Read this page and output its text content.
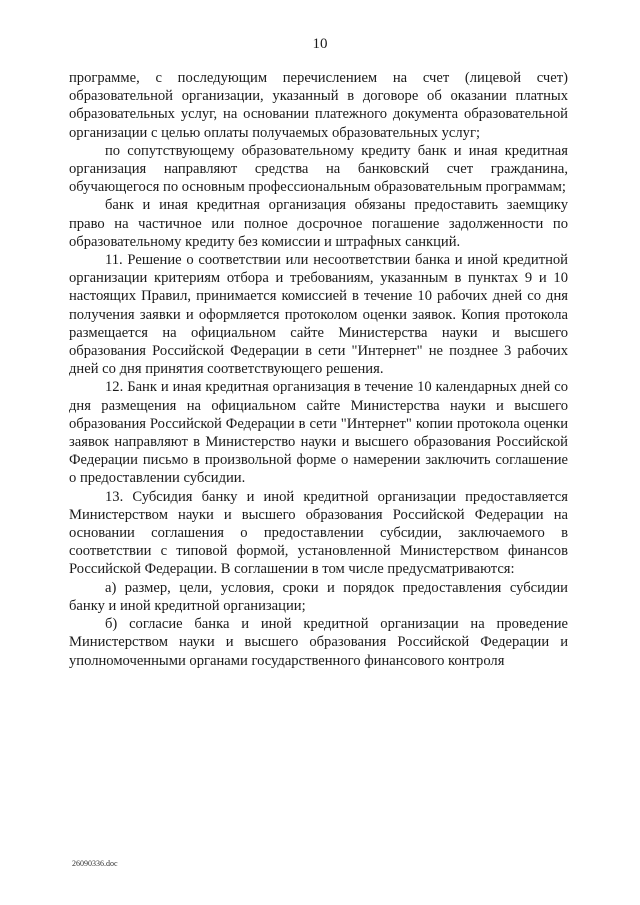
10

программе, с последующим перечислением на счет (лицевой счет) образовательной организации, указанный в договоре об оказании платных образовательных услуг, на основании платежного документа образовательной организации с целью оплаты получаемых образовательных услуг;

по сопутствующему образовательному кредиту банк и иная кредитная организация направляют средства на банковский счет гражданина, обучающегося по основным профессиональным образовательным программам;

банк и иная кредитная организация обязаны предоставить заемщику право на частичное или полное досрочное погашение задолженности по образовательному кредиту без комиссии и штрафных санкций.

11. Решение о соответствии или несоответствии банка и иной кредитной организации критериям отбора и требованиям, указанным в пунктах 9 и 10 настоящих Правил, принимается комиссией в течение 10 рабочих дней со дня получения заявки и оформляется протоколом оценки заявок. Копия протокола размещается на официальном сайте Министерства науки и высшего образования Российской Федерации в сети "Интернет" не позднее 3 рабочих дней со дня принятия соответствующего решения.

12. Банк и иная кредитная организация в течение 10 календарных дней со дня размещения на официальном сайте Министерства науки и высшего образования Российской Федерации в сети "Интернет" копии протокола оценки заявок направляют в Министерство науки и высшего образования Российской Федерации письмо в произвольной форме о намерении заключить соглашение о предоставлении субсидии.

13. Субсидия банку и иной кредитной организации предоставляется Министерством науки и высшего образования Российской Федерации на основании соглашения о предоставлении субсидии, заключаемого в соответствии с типовой формой, установленной Министерством финансов Российской Федерации. В соглашении в том числе предусматриваются:

а) размер, цели, условия, сроки и порядок предоставления субсидии банку и иной кредитной организации;

б) согласие банка и иной кредитной организации на проведение Министерством науки и высшего образования Российской Федерации и уполномоченными органами государственного финансового контроля

26090336.doc
